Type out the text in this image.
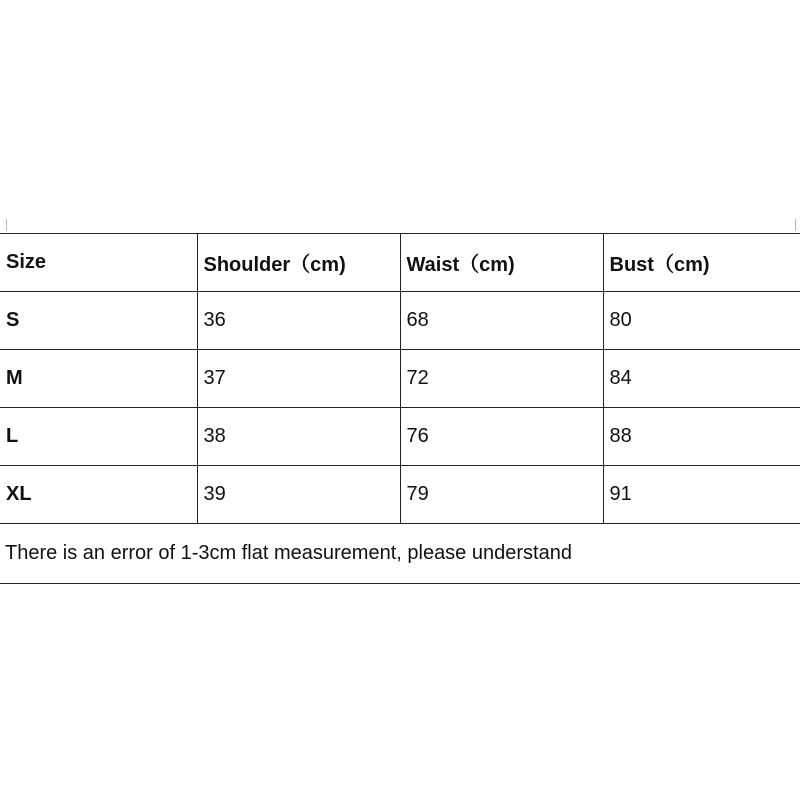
Size	Shoulder（cm)	Waist（cm)	Bust（cm)
S	36	68	80
M	37	72	84
L	38	76	88
XL	39	79	91
There is an error of 1-3cm flat measurement, please understand			
